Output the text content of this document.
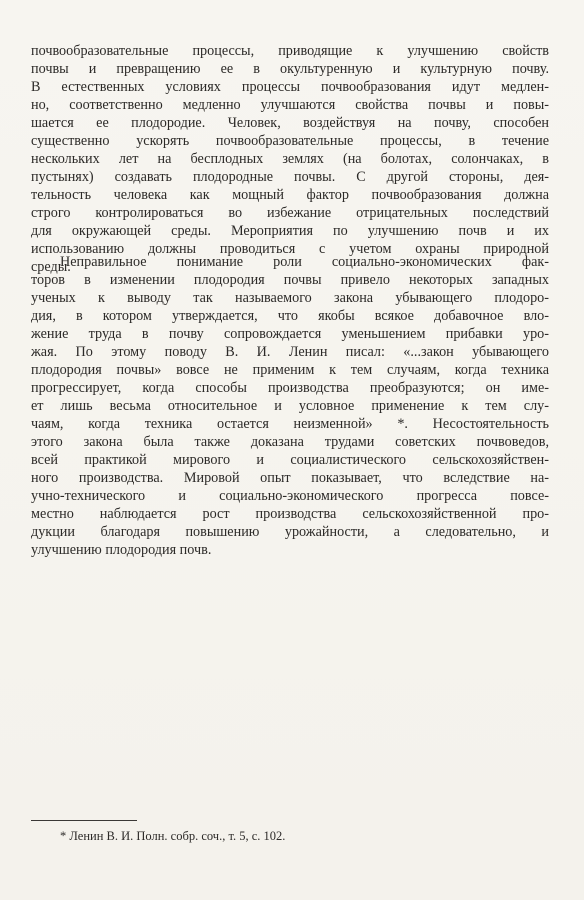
почвообразовательные процессы, приводящие к улучшению свойств
почвы и превращению ее в окультуренную и культурную почву.
В естественных условиях процессы почвообразования идут медлен-
но, соответственно медленно улучшаются свойства почвы и повы-
шается ее плодородие. Человек, воздействуя на почву, способен
существенно ускорять почвообразовательные процессы, в течение
нескольких лет на бесплодных землях (на болотах, солончаках, в
пустынях) создавать плодородные почвы. С другой стороны, дея-
тельность человека как мощный фактор почвообразования должна
строго контролироваться во избежание отрицательных последствий
для окружающей среды. Мероприятия по улучшению почв и их
использованию должны проводиться с учетом охраны природной
среды.
Неправильное понимание роли социально-экономических фак-
торов в изменении плодородия почвы привело некоторых западных
ученых к выводу так называемого закона убывающего плодоро-
дия, в котором утверждается, что якобы всякое добавочное вло-
жение труда в почву сопровождается уменьшением прибавки уро-
жая. По этому поводу В. И. Ленин писал: «...закон убывающего
плодородия почвы» вовсе не применим к тем случаям, когда техника
прогрессирует, когда способы производства преобразуются; он име-
ет лишь весьма относительное и условное применение к тем слу-
чаям, когда техника остается неизменной» *. Несостоятельность
этого закона была также доказана трудами советских почвоведов,
всей практикой мирового и социалистического сельскохозяйствен-
ного производства. Мировой опыт показывает, что вследствие на-
учно-технического и социально-экономического прогресса повсе-
местно наблюдается рост производства сельскохозяйственной про-
дукции благодаря повышению урожайности, а следовательно, и
улучшению плодородия почв.
* Ленин В. И. Полн. собр. соч., т. 5, с. 102.
